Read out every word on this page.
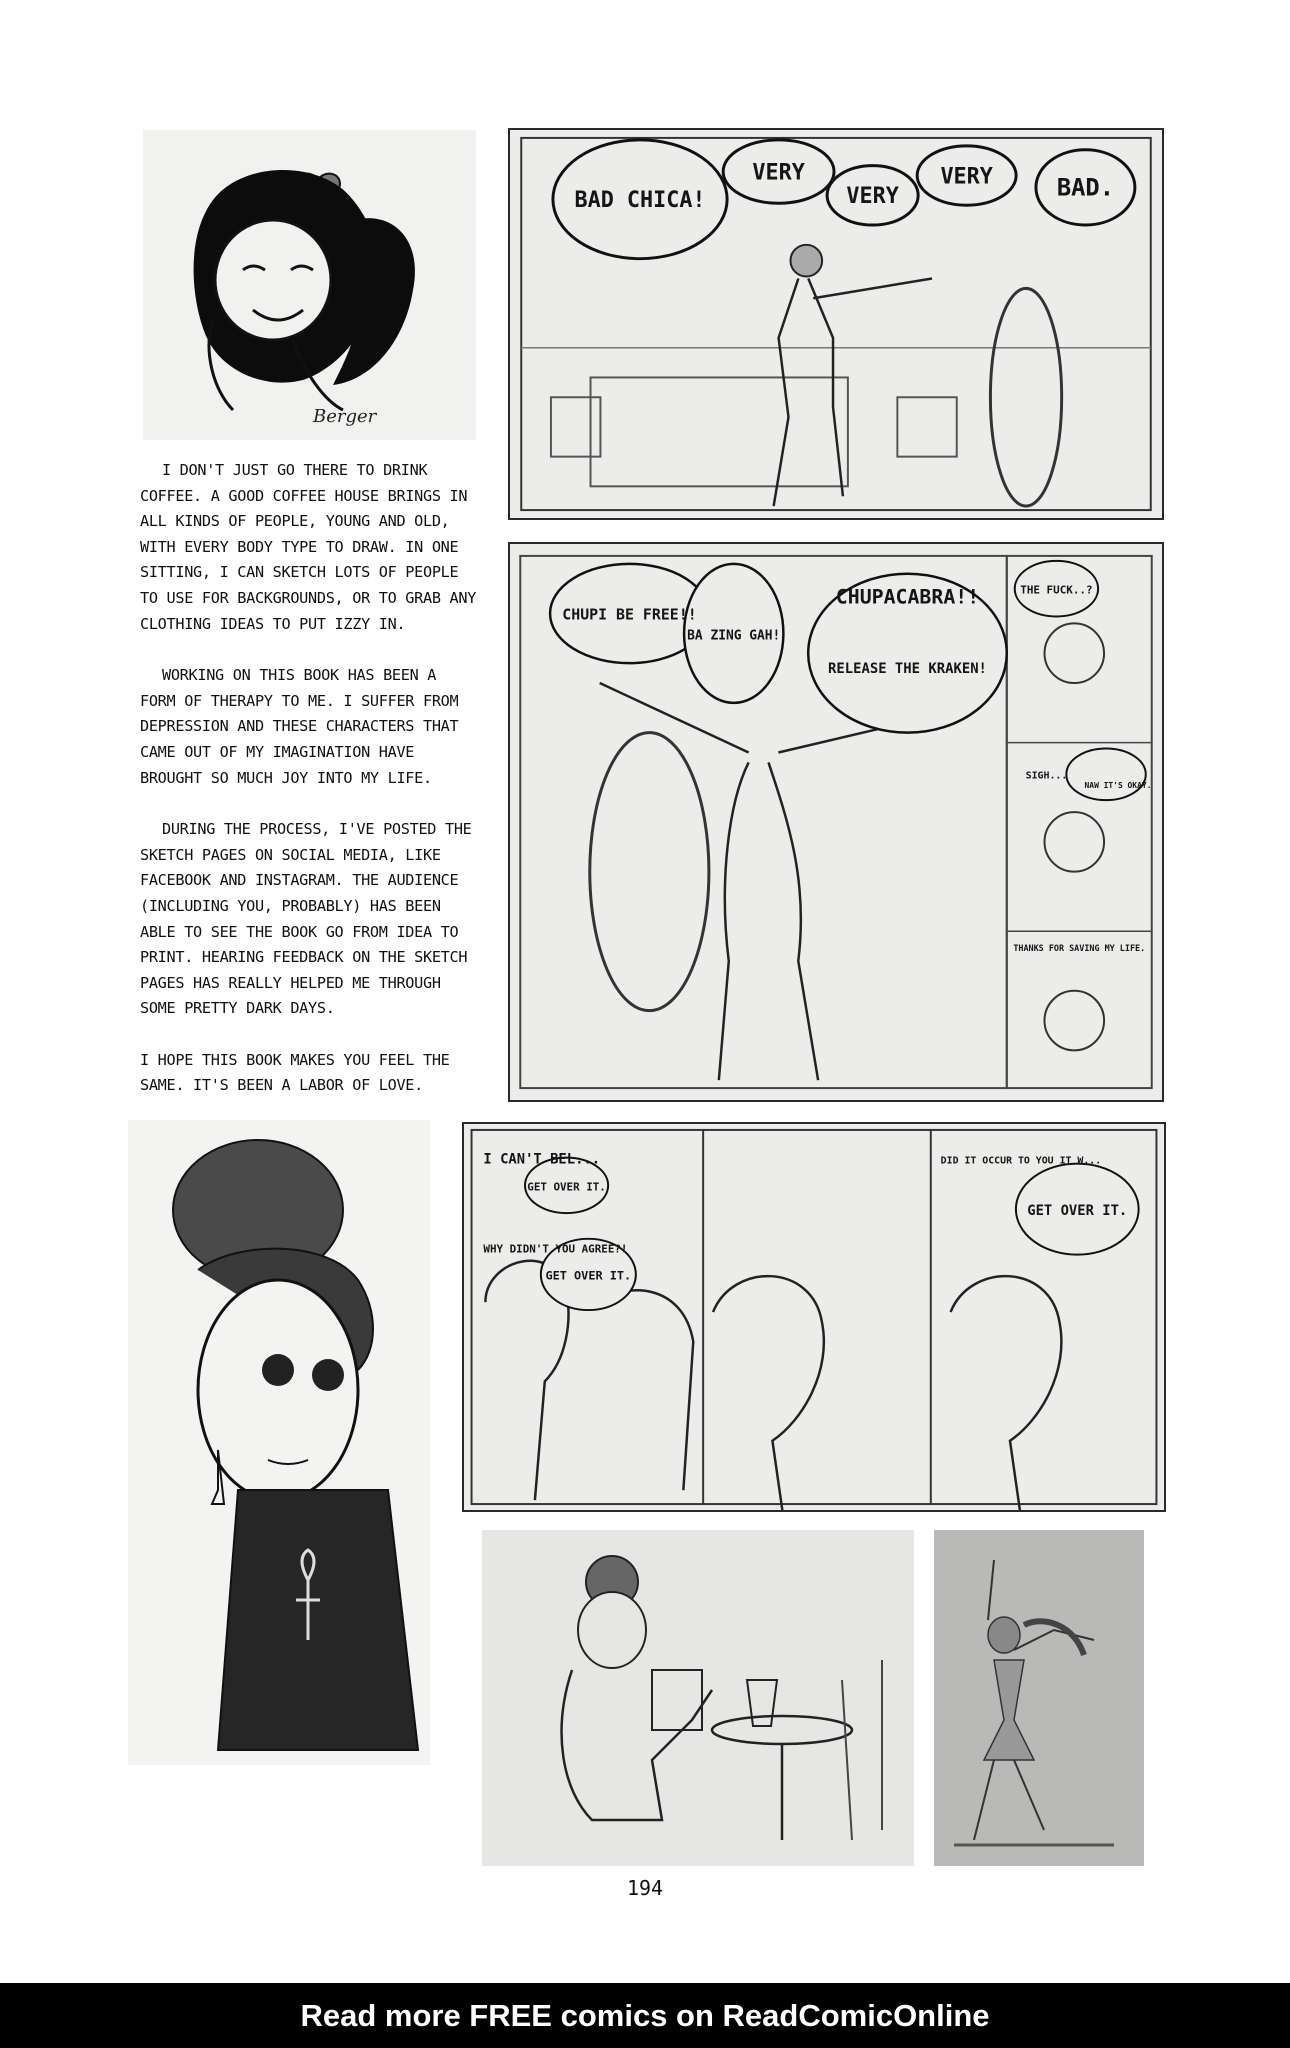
Berger

I DON'T JUST GO THERE TO DRINK COFFEE. A GOOD COFFEE HOUSE BRINGS IN ALL KINDS OF PEOPLE, YOUNG AND OLD, WITH EVERY BODY TYPE TO DRAW. IN ONE SITTING, I CAN SKETCH LOTS OF PEOPLE TO USE FOR BACKGROUNDS, OR TO GRAB ANY CLOTHING IDEAS TO PUT IZZY IN.

WORKING ON THIS BOOK HAS BEEN A FORM OF THERAPY TO ME. I SUFFER FROM DEPRESSION AND THESE CHARACTERS THAT CAME OUT OF MY IMAGINATION HAVE BROUGHT SO MUCH JOY INTO MY LIFE.

DURING THE PROCESS, I'VE POSTED THE SKETCH PAGES ON SOCIAL MEDIA, LIKE FACEBOOK AND INSTAGRAM. THE AUDIENCE (INCLUDING YOU, PROBABLY) HAS BEEN ABLE TO SEE THE BOOK GO FROM IDEA TO PRINT. HEARING FEEDBACK ON THE SKETCH PAGES HAS REALLY HELPED ME THROUGH SOME PRETTY DARK DAYS.

I HOPE THIS BOOK MAKES YOU FEEL THE SAME. IT'S BEEN A LABOR OF LOVE.

BAD CHICA!
VERY
VERY
VERY	BAD.
CHUPI BE FREE!!
BA ZING GAH!
CHUPACABRA!!
RELEASE THE KRAKEN!
THE FUCK..?
SIGH...
NAW IT'S OKAY.
THANKS FOR SAVING MY LIFE.
I CAN'T BEL...
GET OVER IT.
WHY DIDN'T YOU AGREE?!
GET OVER IT.
DID IT OCCUR TO YOU IT W...
GET OVER IT.
194
Read more FREE comics on ReadComicOnline
